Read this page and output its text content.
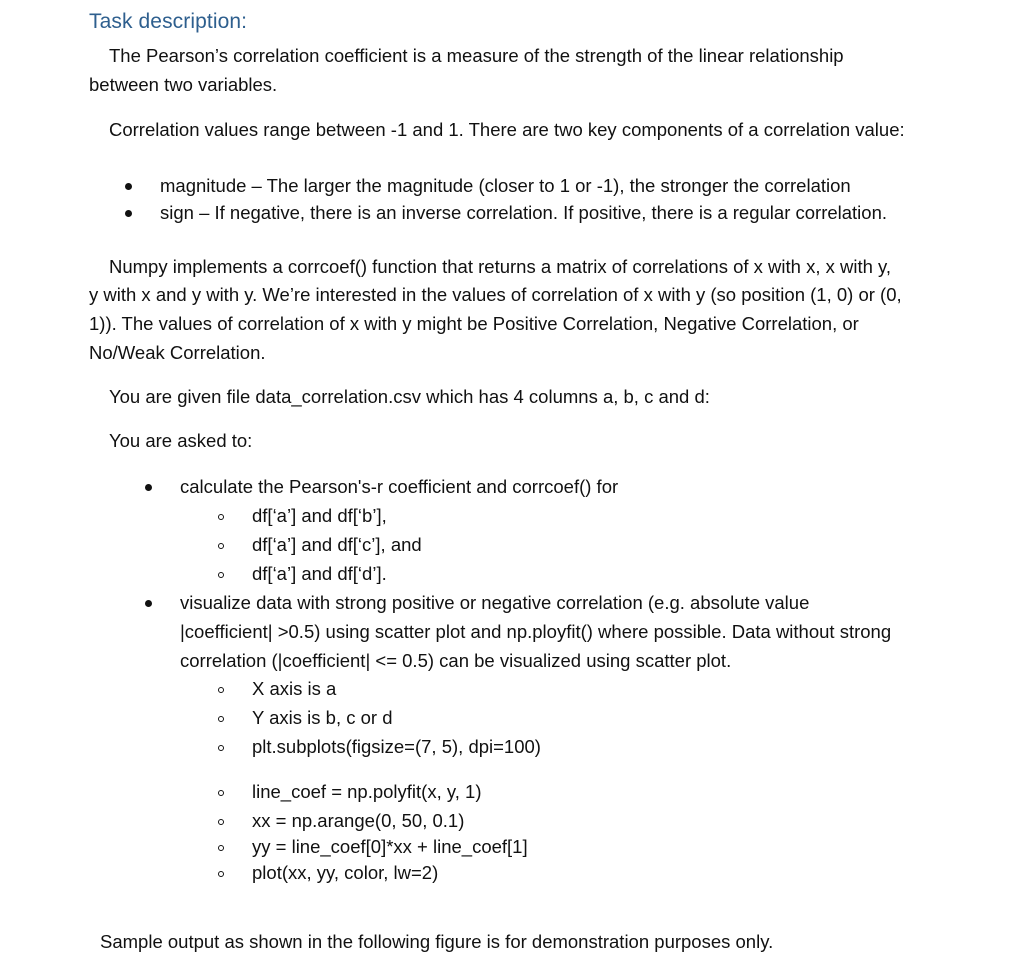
Task description:
The Pearson’s correlation coefficient is a measure of the strength of the linear relationship
between two variables.
Correlation values range between -1 and 1. There are two key components of a correlation value:
magnitude – The larger the magnitude (closer to 1 or -1), the stronger the correlation
sign – If negative, there is an inverse correlation. If positive, there is a regular correlation.
Numpy implements a corrcoef() function that returns a matrix of correlations of x with x, x with y,
y with x and y with y. We’re interested in the values of correlation of x with y (so position (1, 0) or (0,
1)). The values of correlation of x with y might be Positive Correlation, Negative Correlation, or
No/Weak Correlation.
You are given file data_correlation.csv which has 4 columns a, b, c and d:
You are asked to:
calculate the Pearson's-r coefficient and corrcoef() for
df[‘a’] and df[‘b’],
df[‘a’] and df[‘c’], and
df[‘a’] and df[‘d’].
visualize data with strong positive or negative correlation (e.g. absolute value
|coefficient| >0.5) using scatter plot and np.ployfit() where possible. Data without strong
correlation (|coefficient| <= 0.5) can be visualized using scatter plot.
X axis is a
Y axis is b, c or d
plt.subplots(figsize=(7, 5), dpi=100)
line_coef = np.polyfit(x, y, 1)
xx = np.arange(0, 50, 0.1)
yy = line_coef[0]*xx + line_coef[1]
plot(xx, yy, color, lw=2)
Sample output as shown in the following figure is for demonstration purposes only.
